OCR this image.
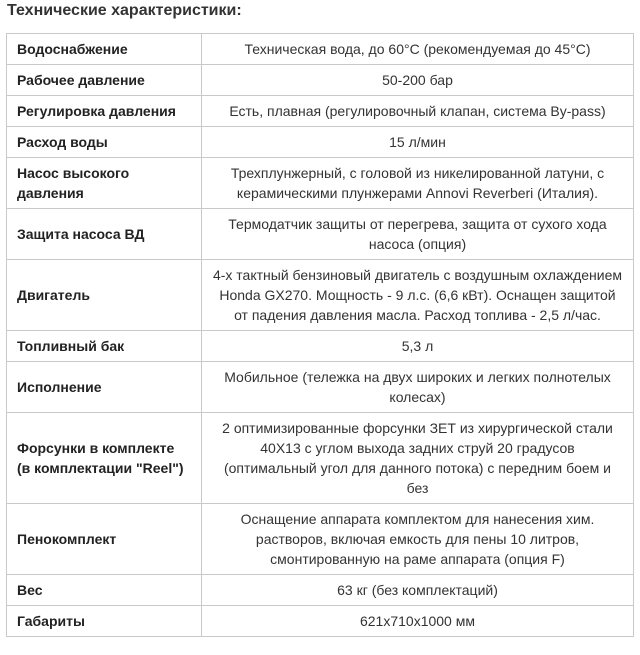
Технические характеристики:
Водоснабжение	Техническая вода, до 60°С (рекомендуемая до 45°С)
Рабочее давление	50-200 бар
Регулировка давления	Есть, плавная (регулировочный клапан, система By-pass)
Расход воды	15 л/мин
Насос высокого давления	Трехплунжерный, с головой из никелированной латуни, с керамическими плунжерами Annovi Reverberi (Италия).
Защита насоса ВД	Термодатчик защиты от перегрева, защита от сухого хода насоса (опция)
Двигатель	4-х тактный бензиновый двигатель с воздушным охлаждением Honda GX270. Мощность - 9 л.с. (6,6 кВт). Оснащен защитой от падения давления масла. Расход топлива - 2,5 л/час.
Топливный бак	5,3 л
Исполнение	Мобильное (тележка на двух широких и легких полнотелых колесах)
Форсунки в комплекте (в комплектации "Reel")	2 оптимизированные форсунки ЗЕТ из хирургической стали 40Х13 с углом выхода задних струй 20 градусов (оптимальный угол для данного потока) с передним боем и без
Пенокомплект	Оснащение аппарата комплектом для нанесения хим. растворов, включая емкость для пены 10 литров, смонтированную на раме аппарата (опция F)
Вес	63 кг (без комплектаций)
Габариты	621х710х1000 мм
